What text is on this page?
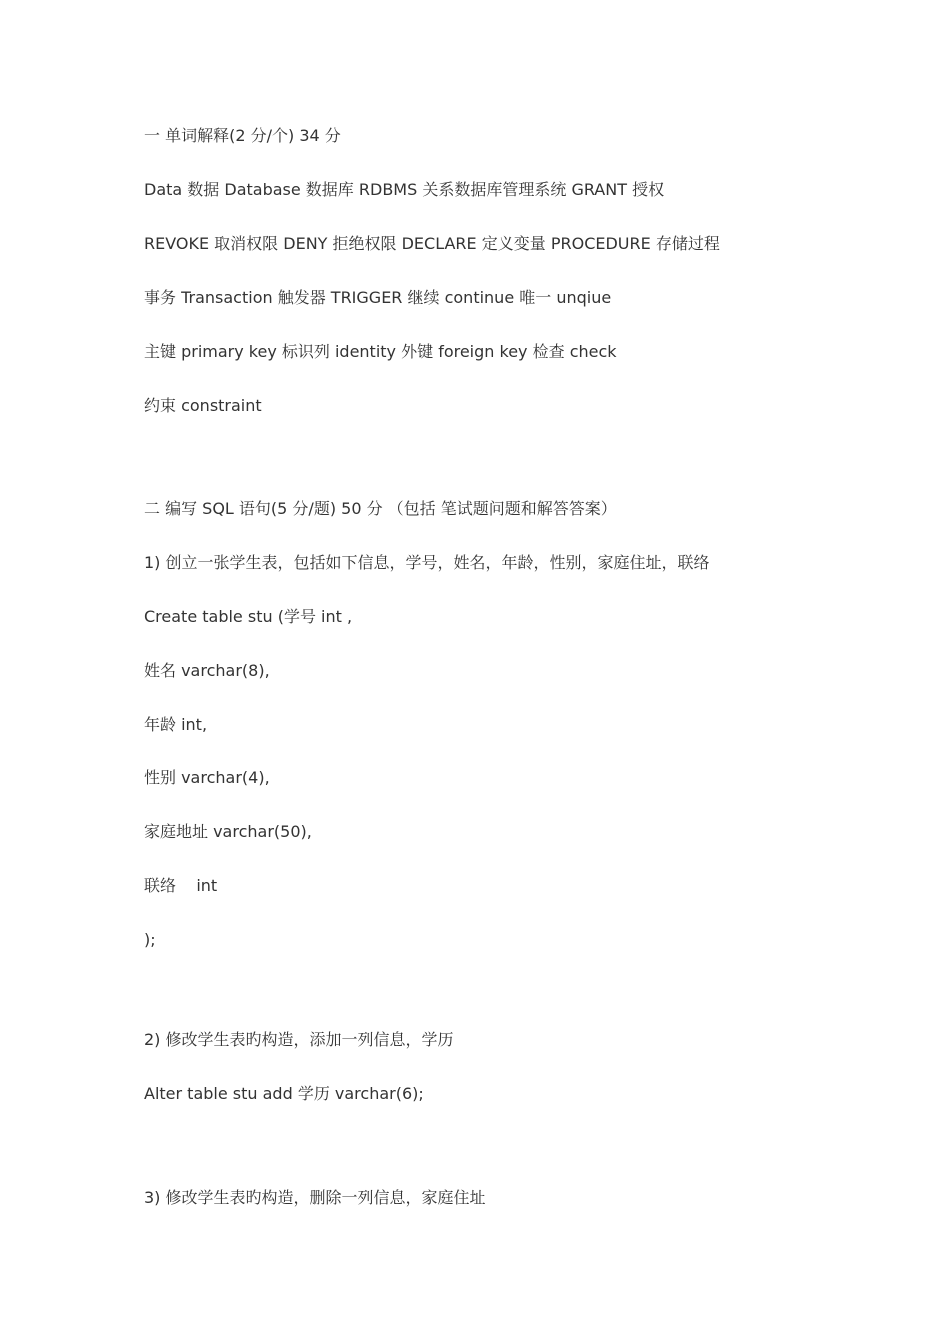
一 单词解释(2 分/个) 34 分
Data 数据 Database 数据库 RDBMS 关系数据库管理系统 GRANT 授权
REVOKE 取消权限 DENY 拒绝权限 DECLARE 定义变量 PROCEDURE 存储过程
事务 Transaction 触发器 TRIGGER 继续 continue 唯一 unqiue
主键 primary key 标识列 identity 外键 foreign key 检查 check
约束 constraint
二 编写 SQL 语句(5 分/题) 50 分 （包括 笔试题问题和解答答案）
1) 创立一张学生表，包括如下信息，学号，姓名，年龄，性别，家庭住址，联络
Create table stu (学号 int ,
姓名 varchar(8),
年龄 int,
性别 varchar(4),
家庭地址 varchar(50),
联络    int
);
2) 修改学生表旳构造，添加一列信息，学历
Alter table stu add 学历 varchar(6);
3) 修改学生表旳构造，删除一列信息，家庭住址
